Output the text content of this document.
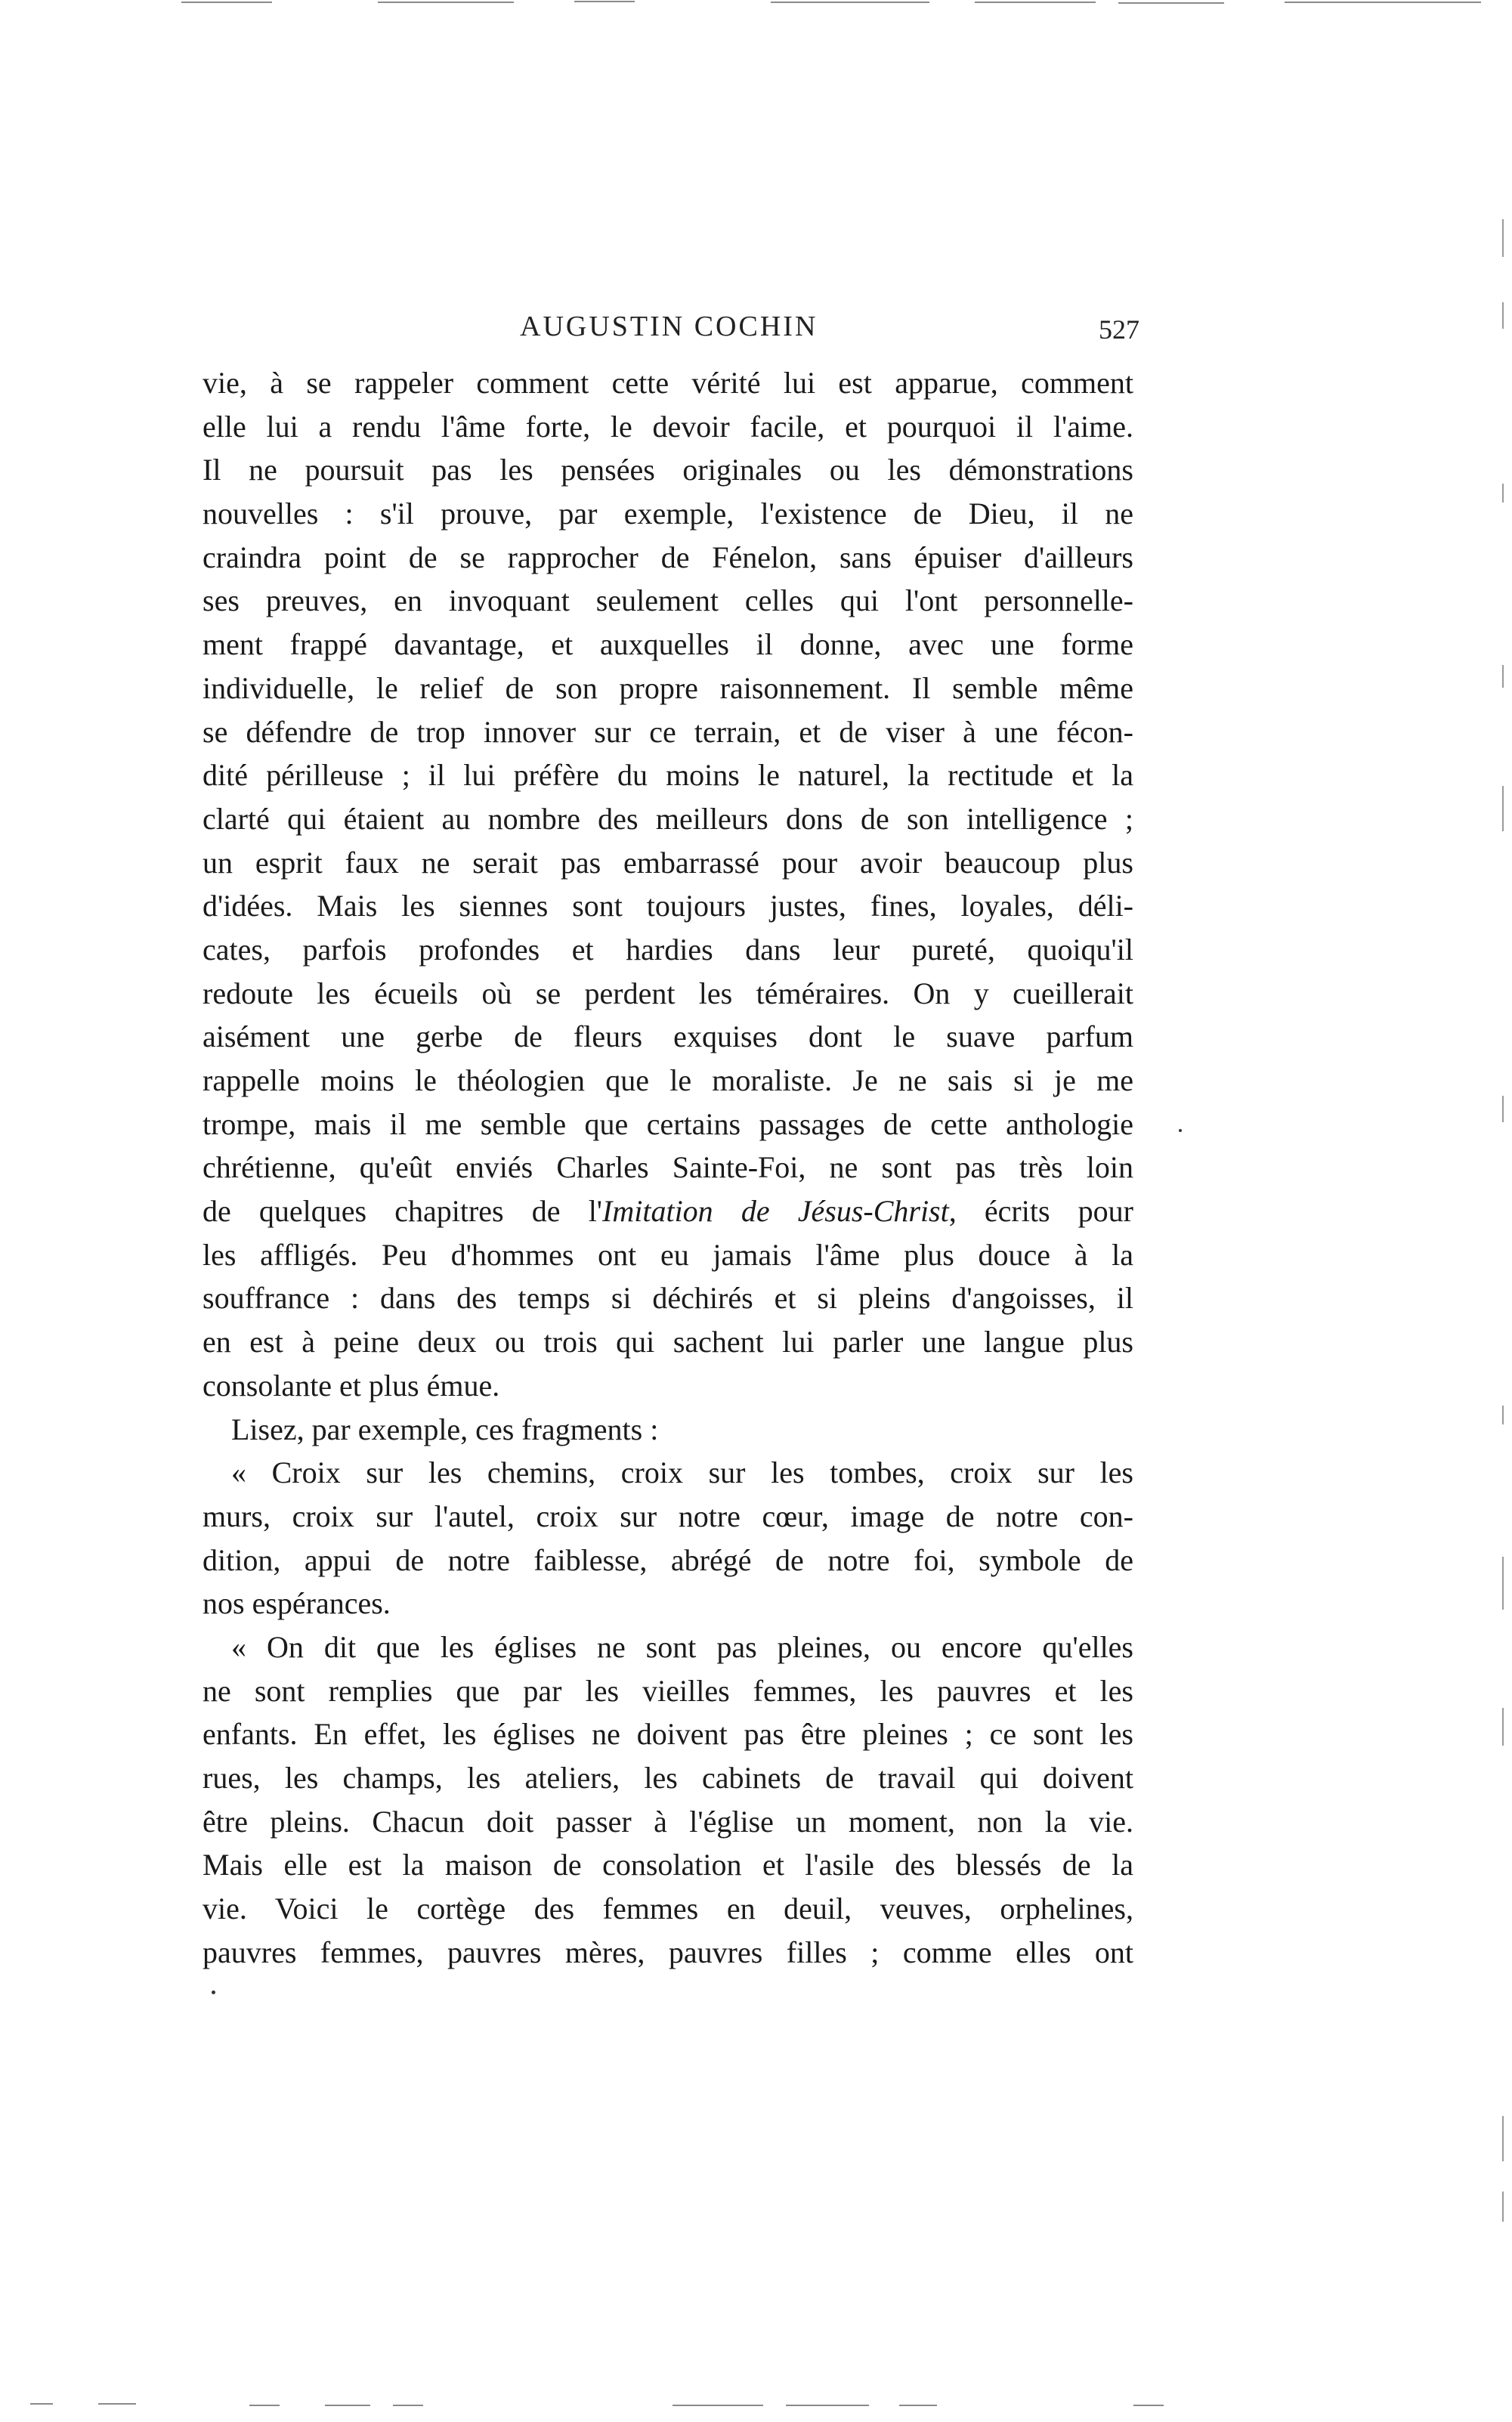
AUGUSTIN COCHIN	527
vie, à se rappeler comment cette vérité lui est apparue, comment
elle lui a rendu l'âme forte, le devoir facile, et pourquoi il l'aime.
Il ne poursuit pas les pensées originales ou les démonstrations
nouvelles : s'il prouve, par exemple, l'existence de Dieu, il ne
craindra point de se rapprocher de Fénelon, sans épuiser d'ailleurs
ses preuves, en invoquant seulement celles qui l'ont personnelle-
ment frappé davantage, et auxquelles il donne, avec une forme
individuelle, le relief de son propre raisonnement. Il semble même
se défendre de trop innover sur ce terrain, et de viser à une fécon-
dité périlleuse ; il lui préfère du moins le naturel, la rectitude et la
clarté qui étaient au nombre des meilleurs dons de son intelligence ;
un esprit faux ne serait pas embarrassé pour avoir beaucoup plus
d'idées. Mais les siennes sont toujours justes, fines, loyales, déli-
cates, parfois profondes et hardies dans leur pureté, quoiqu'il
redoute les écueils où se perdent les téméraires. On y cueillerait
aisément une gerbe de fleurs exquises dont le suave parfum
rappelle moins le théologien que le moraliste. Je ne sais si je me
trompe, mais il me semble que certains passages de cette anthologie
chrétienne, qu'eût enviés Charles Sainte-Foi, ne sont pas très loin
de quelques chapitres de l'Imitation de Jésus-Christ, écrits pour
les affligés. Peu d'hommes ont eu jamais l'âme plus douce à la
souffrance : dans des temps si déchirés et si pleins d'angoisses, il
en est à peine deux ou trois qui sachent lui parler une langue plus
consolante et plus émue.
Lisez, par exemple, ces fragments :
« Croix sur les chemins, croix sur les tombes, croix sur les
murs, croix sur l'autel, croix sur notre cœur, image de notre con-
dition, appui de notre faiblesse, abrégé de notre foi, symbole de
nos espérances.
« On dit que les églises ne sont pas pleines, ou encore qu'elles
ne sont remplies que par les vieilles femmes, les pauvres et les
enfants. En effet, les églises ne doivent pas être pleines ; ce sont les
rues, les champs, les ateliers, les cabinets de travail qui doivent
être pleins. Chacun doit passer à l'église un moment, non la vie.
Mais elle est la maison de consolation et l'asile des blessés de la
vie. Voici le cortège des femmes en deuil, veuves, orphelines,
pauvres femmes, pauvres mères, pauvres filles ; comme elles ont
